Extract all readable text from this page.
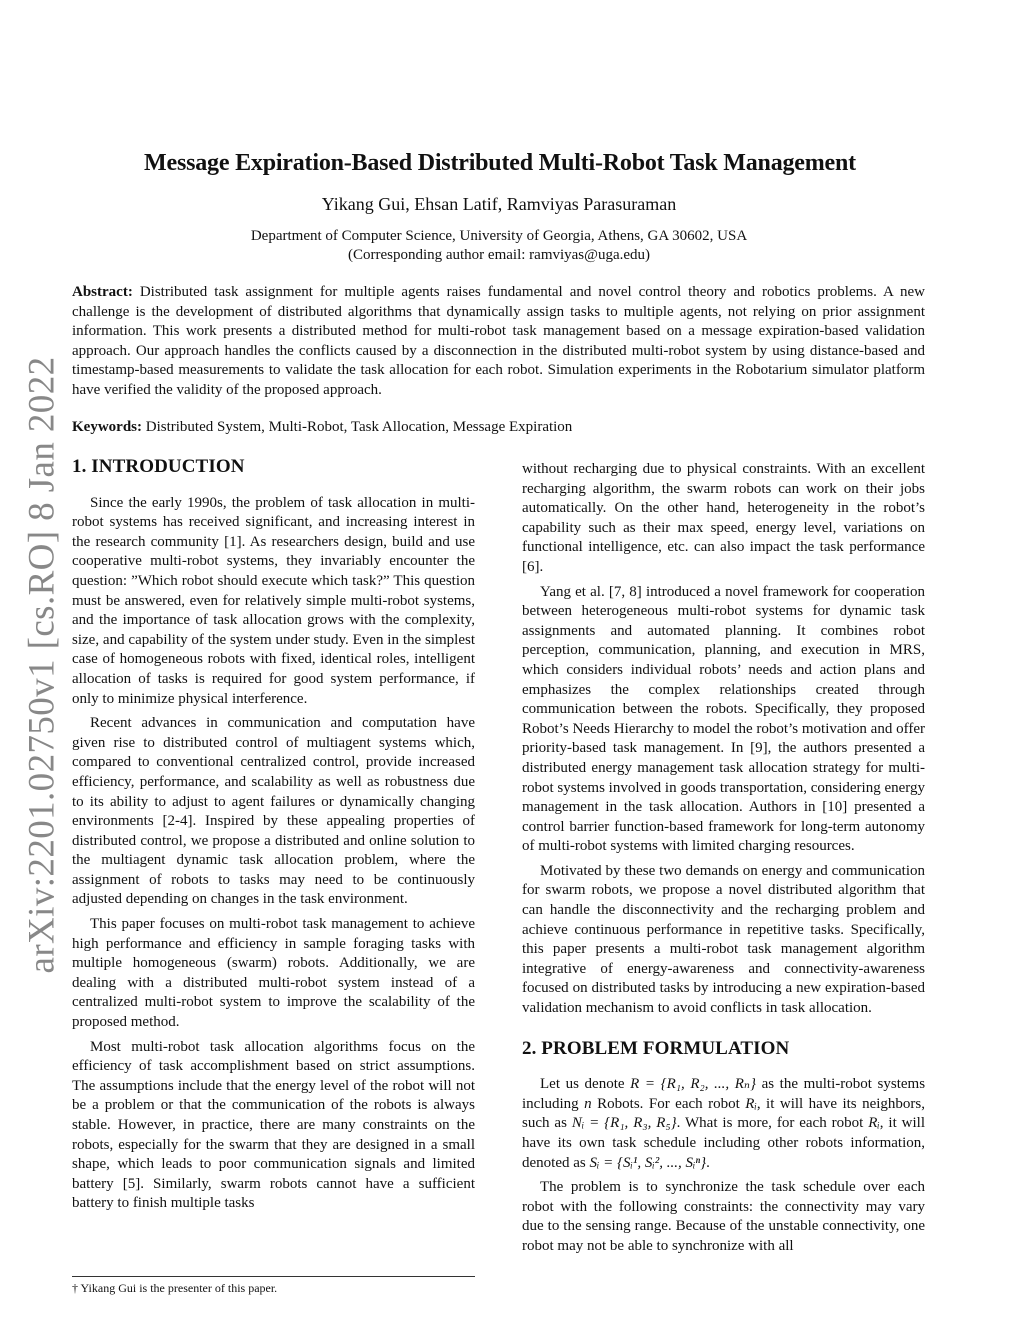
arXiv:2201.02750v1 [cs.RO] 8 Jan 2022
Message Expiration-Based Distributed Multi-Robot Task Management
Yikang Gui, Ehsan Latif, Ramviyas Parasuraman
Department of Computer Science, University of Georgia, Athens, GA 30602, USA
(Corresponding author email: ramviyas@uga.edu)
Abstract: Distributed task assignment for multiple agents raises fundamental and novel control theory and robotics problems. A new challenge is the development of distributed algorithms that dynamically assign tasks to multiple agents, not relying on prior assignment information. This work presents a distributed method for multi-robot task management based on a message expiration-based validation approach. Our approach handles the conflicts caused by a disconnection in the distributed multi-robot system by using distance-based and timestamp-based measurements to validate the task allocation for each robot. Simulation experiments in the Robotarium simulator platform have verified the validity of the proposed approach.
Keywords: Distributed System, Multi-Robot, Task Allocation, Message Expiration
1. INTRODUCTION

Since the early 1990s, the problem of task allocation in multi-robot systems has received significant, and increasing interest in the research community [1]. As researchers design, build and use cooperative multi-robot systems, they invariably encounter the question: ”Which robot should execute which task?” This question must be answered, even for relatively simple multi-robot systems, and the importance of task allocation grows with the complexity, size, and capability of the system under study. Even in the simplest case of homogeneous robots with fixed, identical roles, intelligent allocation of tasks is required for good system performance, if only to minimize physical interference.

Recent advances in communication and computation have given rise to distributed control of multiagent systems which, compared to conventional centralized control, provide increased efficiency, performance, and scalability as well as robustness due to its ability to adjust to agent failures or dynamically changing environments [2-4]. Inspired by these appealing properties of distributed control, we propose a distributed and online solution to the multiagent dynamic task allocation problem, where the assignment of robots to tasks may need to be continuously adjusted depending on changes in the task environment.

This paper focuses on multi-robot task management to achieve high performance and efficiency in sample foraging tasks with multiple homogeneous (swarm) robots. Additionally, we are dealing with a distributed multi-robot system instead of a centralized multi-robot system to improve the scalability of the proposed method.

Most multi-robot task allocation algorithms focus on the efficiency of task accomplishment based on strict assumptions. The assumptions include that the energy level of the robot will not be a problem or that the communication of the robots is always stable. However, in practice, there are many constraints on the robots, especially for the swarm that they are designed in a small shape, which leads to poor communication signals and limited battery [5]. Similarly, swarm robots cannot have a sufficient battery to finish multiple tasks

without recharging due to physical constraints. With an excellent recharging algorithm, the swarm robots can work on their jobs automatically. On the other hand, heterogeneity in the robot’s capability such as their max speed, energy level, variations on functional intelligence, etc. can also impact the task performance [6].

Yang et al. [7, 8] introduced a novel framework for cooperation between heterogeneous multi-robot systems for dynamic task assignments and automated planning. It combines robot perception, communication, planning, and execution in MRS, which considers individual robots’ needs and action plans and emphasizes the complex relationships created through communication between the robots. Specifically, they proposed Robot’s Needs Hierarchy to model the robot’s motivation and offer priority-based task management. In [9], the authors presented a distributed energy management task allocation strategy for multi-robot systems involved in goods transportation, considering energy management in the task allocation. Authors in [10] presented a control barrier function-based framework for long-term autonomy of multi-robot systems with limited charging resources.

Motivated by these two demands on energy and communication for swarm robots, we propose a novel distributed algorithm that can handle the disconnectivity and the recharging problem and achieve continuous performance in repetitive tasks. Specifically, this paper presents a multi-robot task management algorithm integrative of energy-awareness and connectivity-awareness focused on distributed tasks by introducing a new expiration-based validation mechanism to avoid conflicts in task allocation.

2. PROBLEM FORMULATION

Let us denote R = {R₁, R₂, ..., Rₙ} as the multi-robot systems including n Robots. For each robot Rᵢ, it will have its neighbors, such as Nᵢ = {R₁, R₃, R₅}. What is more, for each robot Rᵢ, it will have its own task schedule including other robots information, denoted as Sᵢ = {Sᵢ¹, Sᵢ², ..., Sᵢⁿ}.

The problem is to synchronize the task schedule over each robot with the following constraints: the connectivity may vary due to the sensing range. Because of the unstable connectivity, one robot may not be able to synchronize with all

† Yikang Gui is the presenter of this paper.
